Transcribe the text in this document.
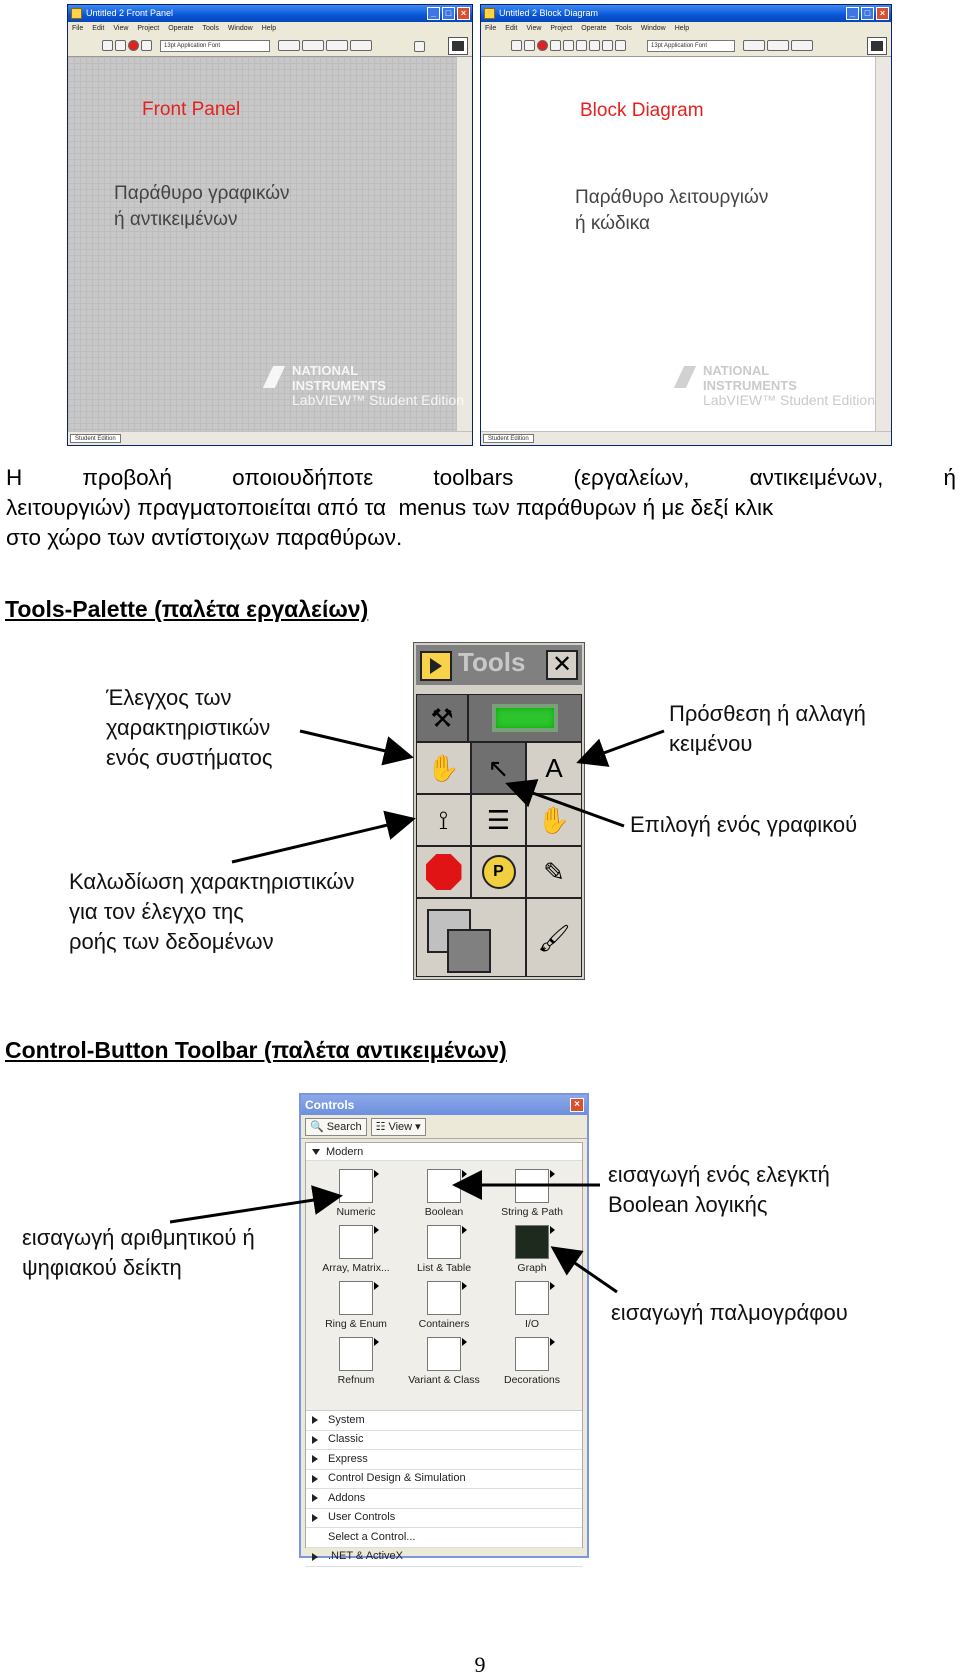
Untitled 2 Front Panel	_	□	×
File Edit View Project Operate Tools Window Help
13pt Application Font
Student Edition
Front Panel
Παράθυρο γραφικών
ή αντικειμένων
NATIONAL
INSTRUMENTS
LabVIEW™ Student Edition
Untitled 2 Block Diagram	_	□	×
File Edit View Project Operate Tools Window Help
13pt Application Font
Student Edition
Block Diagram
Παράθυρο λειτουργιών
ή κώδικα
NATIONAL
INSTRUMENTS
LabVIEW™ Student Edition
Η	προβολή	οποιουδήποτε	toolbars	(εργαλείων,	αντικειμένων,	ή
λειτουργιών) πραγματοποιείται από τα  menus των παράθυρων ή με δεξί κλικ
στο χώρο των αντίστοιχων παραθύρων.
Tools-Palette (παλέτα εργαλείων)
Tools ✕
⚒
✋	↖	A
⟟	☰	✋
P	✎
🖌
Έλεγχος των
χαρακτηριστικών
ενός συστήματος
Πρόσθεση ή αλλαγή
κειμένου
Επιλογή ενός γραφικού
Καλωδίωση χαρακτηριστικών
για τον έλεγχο της
ροής των δεδομένων
Control-Button Toolbar (παλέτα αντικειμένων)
Controls	×
🔍 Search ☷ View ▾
Modern
Numeric	Boolean	String & Path
Array, Matrix...	List & Table	Graph
Ring & Enum	Containers	I/O
Refnum	Variant & Class	Decorations
System
Classic
Express
Control Design & Simulation
Addons
User Controls
Select a Control...
.NET & ActiveX
εισαγωγή ενός ελεγκτή
Boolean λογικής
εισαγωγή αριθμητικού ή
ψηφιακού δείκτη
εισαγωγή παλμογράφου
9
